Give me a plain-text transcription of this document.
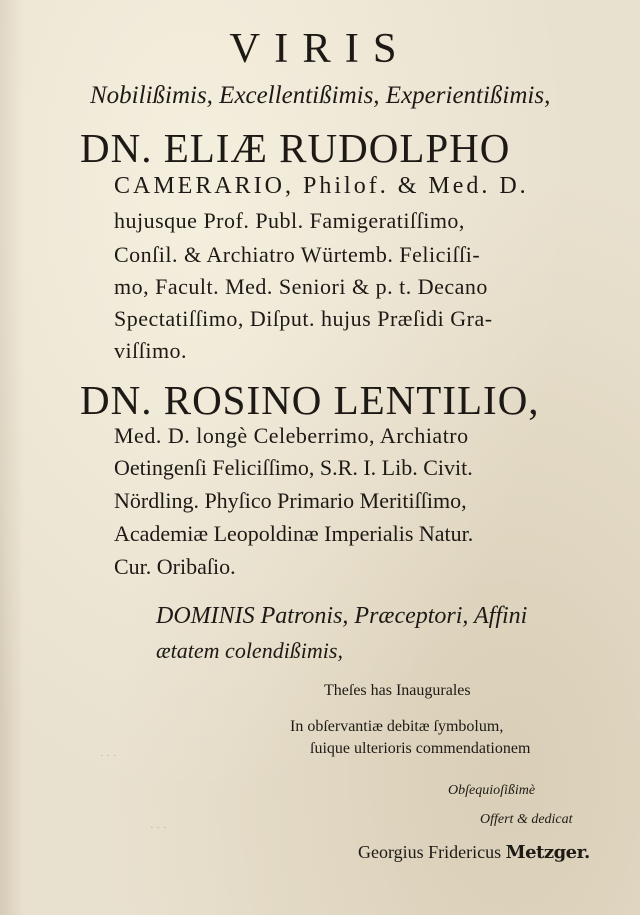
VIRIS
Nobilißimis, Excellentißimis, Experientißimis,
DN. ELIÆ RUDOLPHO
CAMERARIO, Philof. & Med. D.
hujusque Prof. Publ. Famigeratiſſimo,
Conſil. & Archiatro Würtemb. Feliciſſi-
mo, Facult. Med. Seniori & p. t. Decano
Spectatiſſimo, Diſput. hujus Præſidi Gra-
viſſimo.
DN. ROSINO LENTILIO,
Med. D. longè Celeberrimo, Archiatro
Oetingenſi Feliciſſimo, S.R. I. Lib. Civit.
Nördling. Phyſico Primario Meritiſſimo,
Academiæ Leopoldinæ Imperialis Natur.
Cur. Oribaſio.
DOMINIS Patronis, Præceptori, Affini
ætatem colendißimis,
Theſes has Inaugurales
In obſervantiæ debitæ ſymbolum,
ſuique ulterioris commendationem
Obſequioſißimè
Offert & dedicat
Georgius Fridericus Metzger.
· · ·
· · ·
